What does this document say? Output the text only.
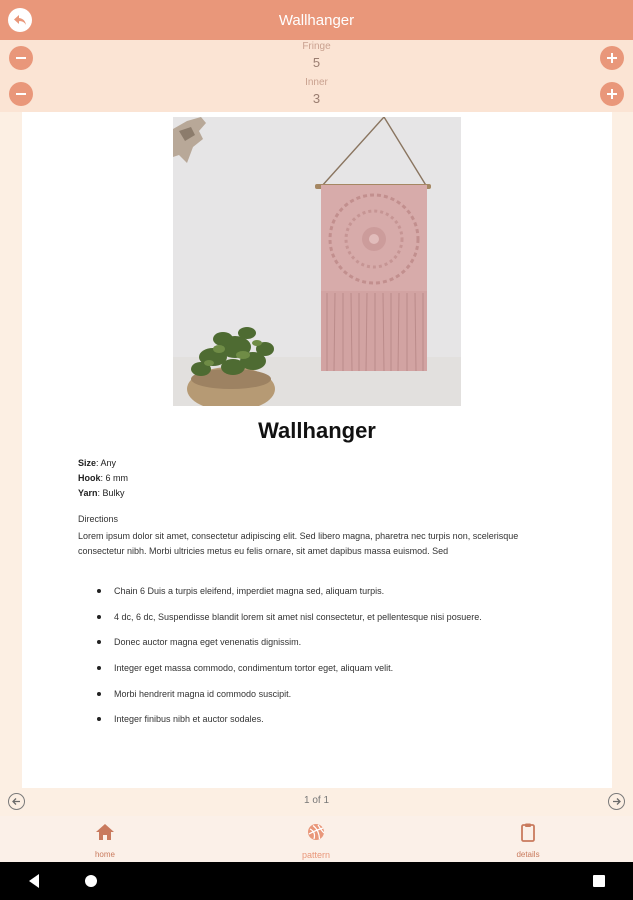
Wallhanger
Fringe
5
Inner
3
Wallhanger
Size: Any
Hook: 6 mm
Yarn: Bulky
Directions
Lorem ipsum dolor sit amet, consectetur adipiscing elit. Sed libero magna, pharetra nec turpis non, scelerisque consectetur nibh. Morbi ultricies metus eu felis ornare, sit amet dapibus massa euismod. Sed
Chain 6 Duis a turpis eleifend, imperdiet magna sed, aliquam turpis.
4 dc, 6 dc, Suspendisse blandit lorem sit amet nisl consectetur, et pellentesque nisi posuere.
Donec auctor magna eget venenatis dignissim.
Integer eget massa commodo, condimentum tortor eget, aliquam velit.
Morbi hendrerit magna id commodo suscipit.
Integer finibus nibh et auctor sodales.
1 of 1
home	pattern	details
